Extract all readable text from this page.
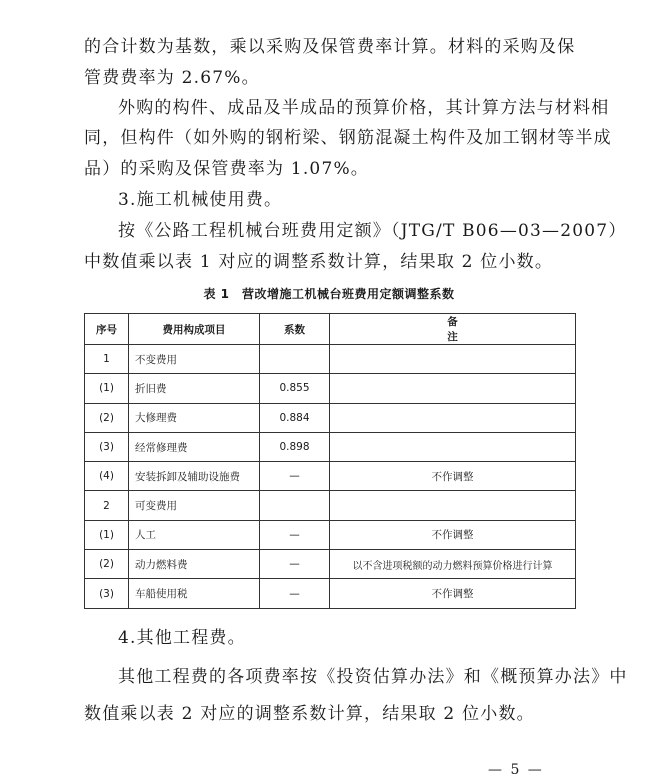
的合计数为基数，乘以采购及保管费率计算。材料的采购及保
管费费率为 2.67%。
外购的构件、成品及半成品的预算价格，其计算方法与材料相
同，但构件（如外购的钢桁梁、钢筋混凝土构件及加工钢材等半成
品）的采购及保管费率为 1.07%。
3.施工机械使用费。
按《公路工程机械台班费用定额》（JTG/T B06—03—2007）
中数值乘以表 1 对应的调整系数计算，结果取 2 位小数。
表 1　营改增施工机械台班费用定额调整系数
序号	费用构成项目	系数	备注
1	不变费用		
(1)	折旧费	0.855	
(2)	大修理费	0.884	
(3)	经常修理费	0.898	
(4)	安装拆卸及辅助设施费	—	不作调整
2	可变费用		
(1)	人工	—	不作调整
(2)	动力燃料费	—	以不含进项税额的动力燃料预算价格进行计算
(3)	车船使用税	—	不作调整
4.其他工程费。
其他工程费的各项费率按《投资估算办法》和《概预算办法》中
数值乘以表 2 对应的调整系数计算，结果取 2 位小数。
— 5 —
